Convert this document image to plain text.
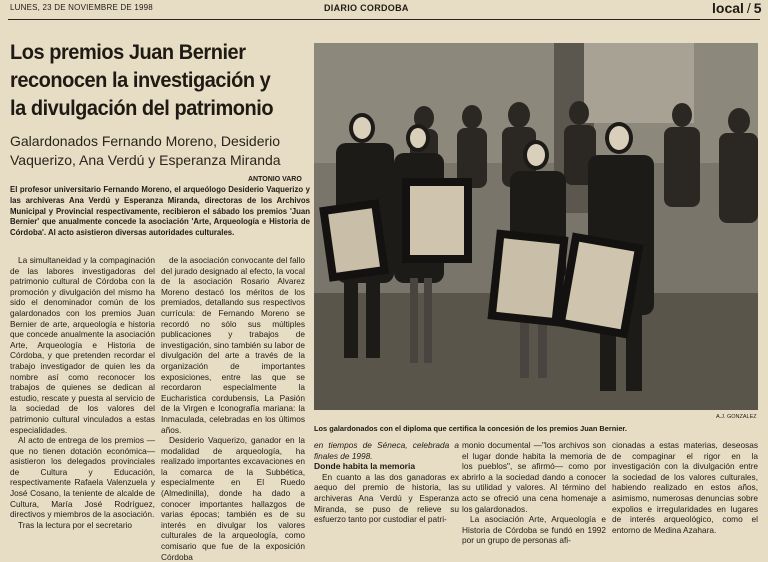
LUNES, 23 DE NOVIEMBRE DE 1998	DIARIO CORDOBA	local / 5
Los premios Juan Bernier reconocen la investigación y la divulgación del patrimonio
Galardonados Fernando Moreno, Desiderio Vaquerizo, Ana Verdú y Esperanza Miranda
ANTONIO VARO
El profesor universitario Fernando Moreno, el arqueólogo Desiderio Vaquerizo y las archiveras Ana Verdú y Esperanza Miranda, directoras de los Archivos Municipal y Provincial respectivamente, recibieron el sábado los premios 'Juan Bernier' que anualmente concede la asociación 'Arte, Arqueología e Historia de Córdoba'. Al acto asistieron diversas autoridades culturales.

La simultaneidad y la compaginación de las labores investigadoras del patrimonio cultural de Córdoba con la promoción y divulgación del mismo ha sido el denominador común de los galardonados con los premios Juan Bernier de arte, arqueología e historia que concede anualmente la asociación Arte, Arqueología e Historia de Córdoba, y que pretenden recordar el trabajo investigador de quien les da nombre así como reconocer los trabajos de quienes se dedican al estudio, rescate y puesta al servicio de la sociedad de los valores del patrimonio cultural vinculados a estas especialidades.

Al acto de entrega de los premios —que no tienen dotación económica— asistieron los delegados provinciales de Cultura y Educación, respectivamente Rafaela Valenzuela y José Cosano, la teniente de alcalde de Cultura, María José Rodríguez, directivos y miembros de la asociación.

Tras la lectura por el secretario

de la asociación convocante del fallo del jurado designado al efecto, la vocal de la asociación Rosario Alvarez Moreno destacó los méritos de los premiados, detallando sus respectivos currícula: de Fernando Moreno se recordó no sólo sus múltiples publicaciones y trabajos de investigación, sino también su labor de divulgación del arte a través de la organización de importantes exposiciones, entre las que se recordaron especialmente la Eucharistica cordubensis, La Pasión de la Virgen e Iconografía mariana: la Inmaculada, celebradas en los últimos años.

Desiderio Vaquerizo, ganador en la modalidad de arqueología, ha realizado importantes excavaciones en la comarca de la Subbética, especialmente en El Ruedo (Almedinilla), donde ha dado a conocer importantes hallazgos de varias épocas; también es de su interés en divulgar los valores culturales de la arqueología, como comisario que fue de la exposición Córdoba

A.J. GONZALEZ
Los galardonados con el diploma que certifica la concesión de los premios Juan Bernier.

en tiempos de Séneca, celebrada a finales de 1998.

Donde habita la memoria

En cuanto a las dos ganadoras ex aequo del premio de historia, las archiveras Ana Verdú y Esperanza Miranda, se puso de relieve su esfuerzo tanto por custodiar el patri-

monio documental —"los archivos son el lugar donde habita la memoria de los pueblos", se afirmó— como por abrirlo a la sociedad dando a conocer su utilidad y valores. Al término del acto se ofreció una cena homenaje a los galardonados.

La asociación Arte, Arqueología e Historia de Córdoba se fundó en 1992 por un grupo de personas afi-

cionadas a estas materias, deseosas de compaginar el rigor en la investigación con la divulgación entre la sociedad de los valores culturales, habiendo realizado en estos años, asimismo, numerosas denuncias sobre expolios e irregularidades en lugares de interés arqueológico, como el entorno de Medina Azahara.
